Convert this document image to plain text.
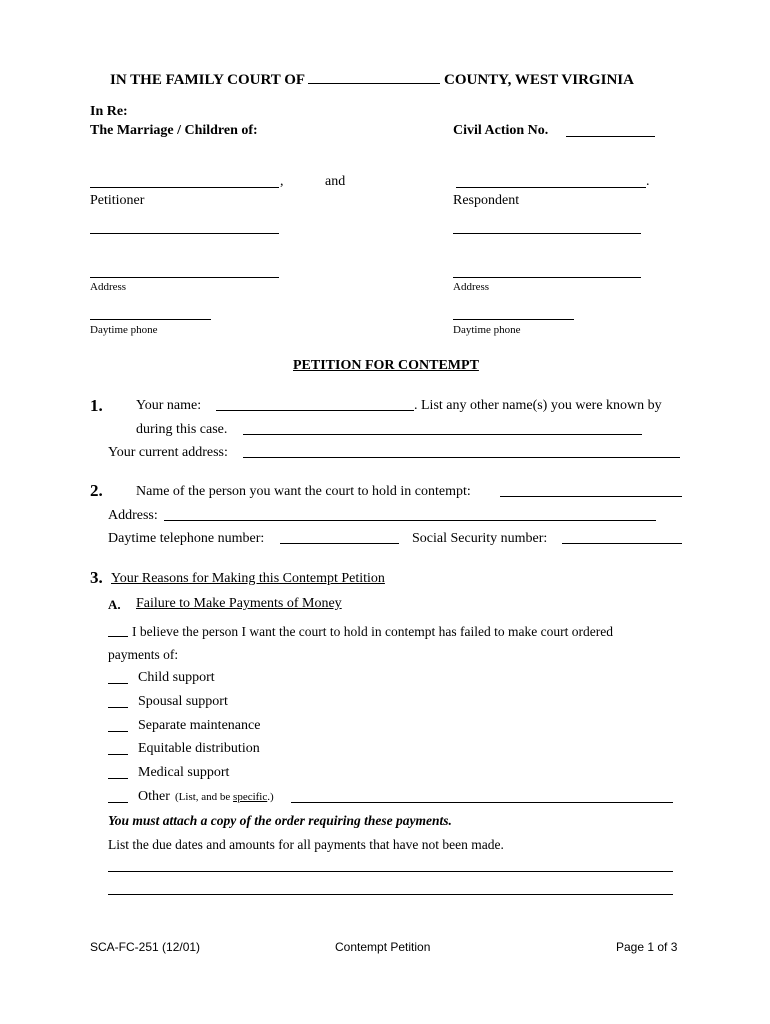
IN THE FAMILY COURT OF	COUNTY, WEST VIRGINIA
In Re:
The Marriage / Children of:	Civil Action No.
,	and	.
Petitioner	Respondent
Address	Address
Daytime phone	Daytime phone
PETITION FOR CONTEMPT
1. Your name:	. List any other name(s) you were known by
during this case.
Your current address:
2. Name of the person you want the court to hold in contempt:
Address:
Daytime telephone number:	Social Security number:
3. Your Reasons for Making this Contempt Petition
A. Failure to Make Payments of Money
I believe the person I want the court to hold in contempt has failed to make court ordered
payments of:
Child support
Spousal support
Separate maintenance
Equitable distribution
Medical support
Other (List, and be specific.)
You must attach a copy of the order requiring these payments.
List the due dates and amounts for all payments that have not been made.
SCA-FC-251 (12/01)	Contempt Petition	Page 1 of 3
